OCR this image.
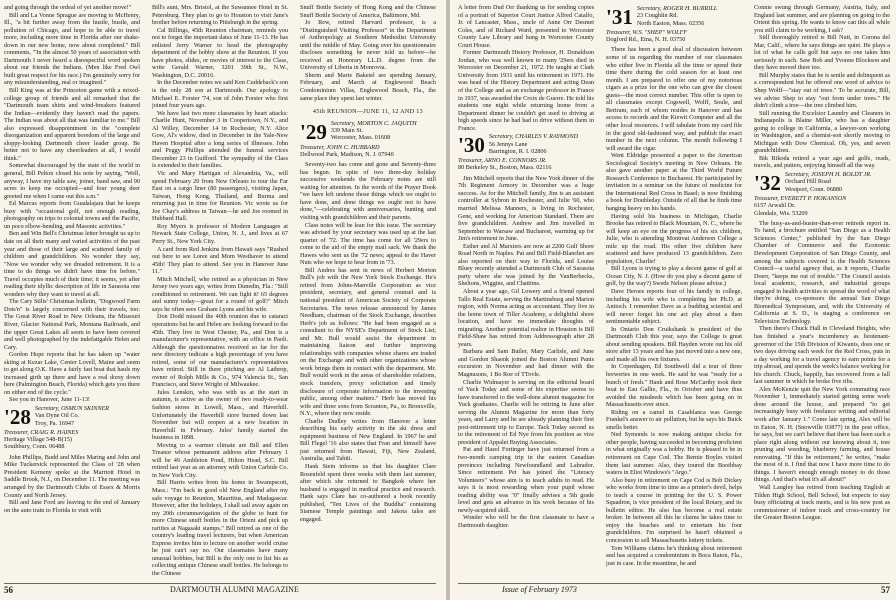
and going through the ordeal of yet another move!"

Bill and La Vonne Sprague are moving to McHenry, Ill., "a bit further away from the hustle, bustle, and pollution of Chicago, and hope to be able to travel more, including more time in Florida after our shake-down in our new home, now about completed." Bill comments, "'In the almost 50 years of association with Dartmouth I never heard a disrespectful word spoken about our friends the Indians. (Men like Fred Owl built great respect for his race.) I'm genuinely sorry for any misunderstanding, real or imagined."

Bill King was at the Princeton game with a mixed-college group of friends and all remarked that the "Dartmouth team shirts and wind-breakers featured the Indian—evidently they haven't read the papers. The Indian was about all that was familiar to me." Bill also expressed disappointment in the "complete disorganization and apparent boredom of the large and sloppy-looking Dartmouth cheer leader group. Be better not to have any cheerleaders at all, I would think."

Somewhat discouraged by the state of the world in general, Bill Pelton closed his note by saying, "Well, anyway, I have my table saw, joiner, band saw, and 90 acres to keep me occupied—and four young deer greeted me when I came out this a.m."

Ed Marcus reports from Guadalajara that he keeps busy with "occasional golf, not enough reading, photography on trips to colonial towns and the Pacific, un poco elbow-bending, and Masonic activities."

Ben and Win Bell's Christmas letter brought us up to date on all their many and varied activities of the past year and those of their large and scattered family of children and grandchildren. No wonder they say, "Now we wonder why we dreaded retirement. It is a time to do things we didn't have time for before." Travel occupies much of their time; it seems, yet after reading their idyllic description of life in Sarasota one wonders why they want to travel at all.

The Cary Stilts' Christmas bulletin, "Dogwood Farm Dots'n" is largely concerned with their travels, too: The Great River Road to New Orleans, the Missouri River, Glacier National Park, Montana Railroads, and the upper Great Lakes all seem to have been covered and well photographed by the indefatigable Helen and Cary.

Gordon Hope reports that he has taken up "water skiing at Kezar Lake, Center Lovell, Maine and seem to get along O.K. Have a fairly fast boat that hauls my increased girth up there and have a real dorsy down here (Palmington Beach, Florida) which gets you there on either end of the cycle."

See you in Hanover, June 11-13!

'28 Secretary, OSMUN SKINNER
Van Dyne Oil Co.
Troy, Pa. 16947
Treasurer, CRAIG R. HAINES
Heritage Village 548-B(15)
Southbury, Conn. 06488

John Phillips, Budd and Miles Maring and John and Mike Tuckersick represented the Class of '28 when President Kemeny spoke at the Marriott Hotel in Saddle Brook, N.J., on December 11. The meeting was arranged by the Dartmouth Clubs of Essex & Morris County and North Jersey.

Bill and Jane Ford are leaving to the end of January on the auto train to Florida to visit with

Bill's aunt, Mrs. Bristol, at the Suwannee Hotel in St. Petersburg. They plan to go to Houston to visit Jane's brother before returning to Pittsburgh in the spring.

Cal Billings, 45th Reunion chairman, reminds you not to forget the important dates of June 11-13. He has enlisted Jerry Warner to head the photography department of the hobby show at the Reunion. If you have photos, slides, or movies of interest to the Class, write Gerald Warner, 3201 39th St., N.W., Washington, D.C. 20016.

In the December notes we said Ken Cuddeback's son is the only 28 son at Dartmouth. Our apology to Michael E. Forster '74, son of John Forster who first joined four years ago.

We have last two more classmates by heart attacks: Charlie Hunt, November 3 in Coopertown, N.Y., and Al Willey, December 14 in Rochester, N.Y. Alice Gow, Al's widow, died in December in the Yale-New Haven Hospital after a long series of illnesses. John and Peggy Phillips attended the funeral services December 23 in Guilford. The sympathy of the Class is extended to their families.

Vic and Mary Hartigan of Alexandria, Va., will spend February 20 from New Orleans to tour the Far East on a cargo liner (80 passengers), visiting Japan, Taiwan, Hong Kong, Thailand, and Burma and returning just in time for Reunion. Vic wrote us for Joe Chay's address in Taiwan—he and Joe roomed in Hubbard Hall.

Roy Myers is professor of Modern Languages at Newark State College, Union, N. J., and lives at 67 Perry St., New York City.

A card from Red Jenkins from Hawaii says "Rushed out here to see Loree and Mom Westhaver to attend 45th! They plan to attend. See you in Hanover June 11."

Mitch Mitchell, who retired as a physician in New Jersey two years ago, writes from Dunedin, Fla.: "Still conditioned to retirement. We can fight it! 65 degrees and sunny today—great for a round of golf!" Mitch says he often sees Graham Lyons and his wife.

Don Dodd missed the 40th reunion due to cataract operations but he and Helen are looking forward to the 45th. They live in West Chester, Pa., and Don is a manufacturer's representative, with an office in Paoli. Although the questionnaires received so far for the new directory indicate a high percentage of you have retired, some of our manufacturer's representatives have retired. Still in there pitching are Al Lathrop, owner of Rolph Mills & Co., 974 Valencia St., San Francisco, and Steve Wright of Milwaukee.

Jules Lenskin, who was with us at the start in autumn, is active as the owner of two ready-to-wear fashion stores in Lowell, Mass., and Haverhill. Unfortunately the Haverhill store burned down last November but will reopen at a new location in Haverhill in February. Jules' family started the business in 1898.

Moving to a warmer climate are Bill and Ellen Treanor whose permanent address after February 1 will be 49 Ambleton Pond, Hilton Head, S.C. Bill retired last year as an attorney with Union Carbide Co. in New York City.

Bill Harris writes from his home in Swampscott, Mass.: "I'm back in good old New England after my safe voyage to Reunion, Mauritius, and Madagascar. However, after the holidays, I shall sail away again on my 20th circumnavigation of the globe to hunt for more Chinese snuff bottles in the Orient and pick up rarities at Nagasaki stamps." Bill retired as one of the country's leading travel lecturers, but when American Express invites him to lecture on another world cruise he just can't say no. Our classmates have many unusual hobbies, but Bill is the only one to list his as collecting antique Chinese snuff bottles. He belongs to the Chinese

Snuff Bottle Society of Hong Kong and the Chinese Snuff Bottle Society of America, Baltimore, Md.

Jo Rew, retired Harvard professor, is a "Distinguished Visiting Professor" in the Department of Anthropology at Southern Methodist University until the middle of May. Going over his questionnaire discloses something he never told us before—he received an Honorary LL.D. degree from the University of Liberia in Monrovia.

Sherm and Marie Baketel are spending January, February, and March at Englewood Beach Condominium Villas, Englewood Beach, Fla., the same place they spent last winter.

45th REUNION—JUNE 11, 12 AND 13
'29 Secretary, MORTON C. JAQUITH
339 Main St.
Worcester, Mass. 01608
Treasurer, JOHN C. HUBBARD
Dellwood Park, Madison, N. J. 07940

Seventy-two has come and gone and Seventy-three has begun. In spite of two three-day holiday successive weekends the February notes are still waiting for attention. In the words of the Prayer Book "we have left undone those things which we ought to have done, and done things we ought not to have done,"—celebrating with anniversaries, hunting and visiting with grandchildren and their parents.

Class notes will be lean for this issue. The secretary was advised by your secretary was used up at the last quarter of '72. The time has come for all '29ers to come to the aid of the empty mail sack. We thank the Hawes who sent us the '72 news; appeal to the Haver Nuts who we hope to hear from in '73.

Bill Andres has sent in news of Herbert Morton Bull's job with the New York Stock Exchange. He's retired from Johns-Manville Corporation as vice president, secretary, and general counsel and is national president of American Society of Corporate Secretaries. The news release announced by James Needham, chairman of the Stock Exchange, describes Herb's job as follows: "He had been engaged as a consultant to the NYSE's Department of Stock List; and Mr. Bull would assist the department in maintaining liaison and further improving relationships with companies whose shares are traded on the Exchange and with other organizations whose work brings them in contact with the department. Mr. Bull would work in the areas of shareholder relations, stock transfers, proxy solicitation and timely disclosure of corporate information to the investing public, among other matters." Herb has moved his wife and three sons from Scranton, Pa., to Bronxville, N.Y., where they now reside.

Charlie Dudley writes from Hanover a letter describing his early activity in the ski dress and equipment business of New England. In 1967 he and Bill Flegel '16 also states that Fran and himself have just returned from Hawaii, Fiji, New Zealand, Australia, and Tahiti.

Hank Stein informs us that his daughter Clare Rosenfeld spent three weeks with them last summer, after which she returned to Bangkok where her husband is engaged in medical practice and research. Hank says Clare has co-authored a book recently published, "Ten Lives of the Buddha" containing Siamese Temple paintings and Jakota tales are engaged.

56	DARTMOUTH ALUMNI MAGAZINE

A letter from Dud Orr thanking us for sending copies of a portrait of Superior Court Justice Alfred Catalfo, Jr. of Lancaster, Mass., uncle of Anne Orr Desmet Coles, and of Richard Ward, presented to Worcester County Law Library and hung in Worcester County Court House.

Former Dartmouth History Professor, H. Donaldson Jordan, who was well known to many '29ers died in Worcester on December 21, 1972. He taught at Clark University from 1931 until his retirement in 1971. He was head of the History Department and acting Dean of the College and as an exchange professor in France in 1937, was awarded the Croix de Guerre. He told his students one night while returning home from a Department dinner he couldn't get used to driving at high speeds since he had had to drive without them in France.

'30 Secretary, CHARLES V. RAYMOND
56 Jennys Lane
Barrington, R. I. 02806
Treasurer, ARNO E. CONNORS JR.
80 Berkeley St., Boston, Mass. 02116

Jim Mitchell reports that the New York dinner of the 7th Regiment Armory in December was a huge success. As for the Mitchell family, Jim is an assistant controller at Sybron in Rochester, and Julie '60, who married Melissa Manners, is living in Rochester, Gene, and working for American Standard. There are five grandchildren. Andrew and Jim travelled in September to Warsaw and Bucharest, warming up for Jim's retirement in June.

Esther and Al Marxiers are now at 2200 Gulf Shore Road North in Naples. Pat and Bill Field-Blanchet are also reported on their way to Florida, and Louise Bluey recently attended a Dartmouth Club of Sarasota party where she was joined by the VanBerbecks, Sheltons, Wiggins, and Chattims.

About a year ago, Gil Lowery and a friend opened Tallo Real Estate, serving the Martinsburg and Marion region, with Norma acting as accountant. They live in the home town of Tiller Academy, a delightful shore location, and have no immediate thoughts of migrating. Another potential realtor in Houston is Bill Field-Shaw has retired from Addressograph after 28 years.

Barbara and Sam Butler, Mary Carlisle, and June and Gordon Shaenk joined the Boston Alumni Panis excursion in November and had dinner with the Magnusons, 1 Bo Roe of TTovle.

Charlie Widmayer is serving on the editorial board of Yuck Today and some of his expertise seems to have transferred to the well-done alumni magazine for Yuck graduates. Charlie will be retiring in June after serving the Alumni Magazine for more than forty years, and Larry and he are already planning their first post-retirement trip to Europe. Tack Today second us to the retirement of Ed Nye from his position as vice president of Appalet Buying Associates.

Pat and Hazel Fortinger have just returned from a two-month camping trip in the eastern Canadian provinces including Newfoundland and Labrador. Since retirement Pet has joined the "Literacy Volunteers" whose aim is to teach adults to read. He says it is most rewarding when your pupil whose reading ability was "0" finally advises a 5th grade level and gets an advance in his work because of his newly-acquired skill.

Wonder who will be the first classmate to have a Dartmouth daughter.

'31 Secretary, ROGER H. BURRILL
23 Coughlin Rd.
North Easton, Mass. 02356
Treasurer, W.S. "SHEP" WOLFF
Dogford Rd., Etna, N. H. 03750

There has been a good deal of discussion between some of us regarding the number of our classmates who either live in Florida all the time or spend their time there during the cold season for at least one month. I am prepared to offer one of my notorious cigars as a prize for the one who can give the closest guess—the most correct number. This offer is open to all classmates except Cogswell, Wolff, Soule, and Bertram, each of whom resides in Hanover and has access to records and the Kiewit Computer and all the other local resources. I will tabulate from my card file in the good old-fashioned way, and publish the exact number in the next column. The month following I will award the cigar.

Went Eldridge presented a paper to the American Sociological Society's meeting in New Orleans. He also gave another paper at the Third World Future Research Conference in Bucharest. He participated by invitation in a seminar on the future of medicine for the International Red Cross in Basel; is now finishing a book for Doubleday. Outside of all that he finds time hanging heavy on his hands.

Having sold his business in Michigan, Charlie Brooke has retired to Black Mountain, N. C., where he will keep an eye on the progress of his six children, Julie, who is attending Montreat Anderson College a mile up the road. His other five children have scattered and have produced 13 grandchildren. Zero population, Charlie!

Bill Lyons is trying to play a decent game of golf at Ocean City, N. J. (How do you play a decent game of golf, by the way?) Swede Nelson please advise.)

Dave Heroes reports four of his family in college, including his wife who is completing her Ph.D. at Antioch. I remember Dave as a budding scientist and will never forget his one act play about a then sentimentable subject.

In Ontario Don Cruikshank is president of the Dartmouth Club this year, says the College is great about sending speakers. Bill Hayden wrote out his old store after 13 years and has just moved into a new one, and made all his own fixtures.

In Copenhagen, Ed Southwell did a tour of three breweries in one week. He said he was "ready for a bunch of fresh." Hank and Rose McCarthy took their boat to Eau Gallie, Fla., in October and have thus avoided the misdeeds which has been going on in Massachusetts ever since.

Riding on a camel in Casablanca was George Frankel's answer to air pollution, but he says his Buick smells better.

Ned Symonds is now making antique clocks for other people, having succeeded in becoming proficient in what originally was a hobby. He is pleased to be in retirement on Cape Cod. The Bernie Boyles visited them last summer. Also, they toured the Boothbay waters in Eliot Windows's "Argo."

Also busy in retirement on Cape Cod is Bob Dickey who works from time to time as a printer's devil, helps to teach a course in printing for the U. S. Power Squadron, is vice president of the local Rotary, and its bulletin editor. He also has become a real estate broker. In between all this he claims he takes time to enjoy the beaches and to entertain his four grandchildren. I'm surprised he hasn't obtained a concession to sell Massachusetts lottery tickets.

Tom Williams claims he's thinking about retirement and has acquired a condominium in Boca Raton, Fla., just in case. In the meantime, he and

Connie swung through Germany, Austria, Italy, and England last summer, and are planning on going to the Orient this spring. He wants to know can this all while you still claim to be working, I ask?

Still thoroughly retired is Bill Nutt, in Corona del Mar, Calif., where he says things are quiet. He plays a lot of what he calls golf but says no one takes him seriously in such. Saw Bob and Yvonne Blockson and they have moved there too.

Bill Murphy states that he is senile and delinquent as a correspondent but he offered one word of advice to Shep Wolff—"stay out of trees." To be accurate, Bill, we advise Shep to stay "out from under trees." He didn't climb a tree—the tree climbed him.

Still running the Excelsior Laundry and Cleaners in Indianapolis is Blaine Miller, who has a daughter going to college in California, a lawyer-son working in Washington, and a chemist-son shortly moving to Michigan with Dow Chemical. Oh, yes, and seven grandchildren.

Bik Rikoda retired a year ago and golfs, reads, travels, and putters, enjoying himself all the way.

'32 Secretary, JOSEPH H. BOLDT JR.
Orchard Hill Road
Westport, Conn. 06880
Treasurer, EVERETT P. HOKANSON
6157 Arwahl Dr.
Glendale, Wis. 53209

The busy-as-and-busier-than-ever retireds report in. To hand, a brochure entitled "San Diego as a Health Sciences Center," published by the San Diego Chamber of Commerce and the Economic Development Corporation of San Diego County, and among the subjects covered is the Health Sciences Council—a useful agency that, as it reports, Charlie Doerr, "keeps me out of trouble." The Council assists local academic, research, and industrial groups engaged in health activities to spread the word of what they're doing, co-sponsors the annual San Diego Biomedical Symposium, and, with the University of California at S. D., is staging a conference on Television Technology.

Then there's Chuck Hall in Cleveland Heights, who has finished a year's incumbency as lieutenant-governor of the 15th Division of Kiwanis, does one or two days driving each week for the Red Cross, puts in a day working for a travel agency to earn points for a trip abroad, and spends the week's balance working for his church. Chuck, happily, has recovered from a fall last summer in which he broke five ribs.

Alex McKenzie quit the New York commuting race November 1, immediately started getting some work done around the house, and prepared "to get increasingly busy with freelance writing and editorial work after January 1." Come late spring, Alex will be in Eaton, N. H. (Snowville 03877) in the post office, he says, but we can't believe that there has been such a place right along without our knowing about it, tree pruning and weeding, blueberry farming, and house renovating. "If this be retirement," he writes, "make the most of it. I find that now I have more time to do things. I haven't enough enough money to do those things. And that's what it's all about!"

Wall Langley has retired from teaching English at Tilden High School, Bell School, but expects to stay busy officiating at track meets, and is his new post as commissioner of indoor track and cross-country for the Greater Boston League.

Issue of February 1973	57
